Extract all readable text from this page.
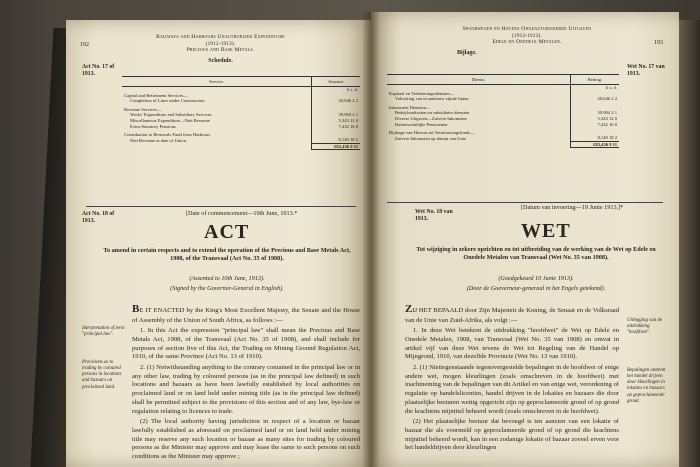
192
Railways and Harbours Unauthorized Expenditure
(1912-1913).
Precious and Base Metals.
Schedule.
Act No. 17 of 1913.
Service.	Amount.
	£ s. d.
Capital and Betterment Services—	
Completion of Lines under Construction	20,646 2 2
Revenue Services—	
Works' Expenditure and Subsidiary Services	39,904 2 1
Miscellaneous Expenditure—Nett Revenue	5,343 12 0
Extra-Statutory Pensions	7,432 16 0
Contribution to Renewals Fund from Harbours	
Nett Revenue at date of Union	8,140 18 2
	£82,436 9 11
Act No. 18 of 1913.
[Date of commencement—19th June, 1913.*
ACT
To amend in certain respects and to extend the operation of the Precious and Base Metals Act, 1908, of the Transvaal (Act No. 35 of 1908).
(Assented to 10th June, 1913).
(Signed by the Governor-General in English).
Interpretation of term "principal law".
Provisions as to trading by coloured persons in locations and bazaars on proclaimed land.

BE IT ENACTED by the King's Most Excellent Majesty, the Senate and the House of Assembly of the Union of South Africa, as follows :—

1. In this Act the expression "principal law" shall mean the Precious and Base Metals Act, 1908, of the Transvaal (Act No. 35 of 1908), and shall include for purposes of section five of this Act, the Trading on Mining Ground Regulation Act, 1910, of the same Province (Act No. 13 of 1910).

2. (1) Notwithstanding anything to the contrary contained in the principal law or in any other law, trading by coloured persons (as in the principal law defined) in such locations and bazaars as have been lawfully established by local authorities on proclaimed land or on land held under mining title (as in the principal law defined) shall be permitted subject to the provisions of this section and of any law, bye-law or regulation relating to licences to trade.

(2) The local authority having jurisdiction in respect of a location or bazaar lawfully established as aforesaid on proclaimed land or on land held under mining title may reserve any such location or bazaar as many sites for trading by coloured persons as the Minister may approve and may lease the same to such persons on such conditions as the Minister may approve ;

193
Spoorwegen en Havens Ongeautoriseerde Uitgaven
(1912-1913).
Edele en Onedele Metalen.
Bijlage.
Wet No. 17 van 1913.
Dienst.	Bedrag.
	£ s. d.
Kapitaal en Verbeteringsdiensten—	
Voltooiing van in aanbouw zijnde lijnen	20,646 2 2
Inkomsten Diensten—	
Bedrijfsonkosten en subsidiaire diensten	39,904 2 1
Diverse Uitgaven—Zuivere Inkomsten	5,343 12 0
Buitenwettelijke Pensioenen	7,432 16 0
Bijdrage van Havens tot Vernieuwingsfonds—	
Zuivere Inkomsten op datum van Unie	8,140 18 2
	£82,436 9 11
Wet No. 18 van 1913.
[Datum van invoering—19 Junie 1913.]*
WET
Tot wijziging in zekere opzichten en tot uitbreiding van de werking van de Wet op Edele en Onedele Metalen van Transvaal (Wet No. 35 van 1908).
(Goedgekeurd 10 Junie 1913).
(Door de Goeverneur-generaal in het Engels getekend).
Uitlegging van de uitdrukking "hoofdwet".
Bepalingen omtrent het handel drijven door kleurlingen in lokaties en bazaars op geproclameerde grond.

ZIJ HET BEPAALD door Zijn Majesteit de Koning, de Senaat en de Volksraad van de Unie van Zuid-Afrika, als volgt :—

1. In deze Wet betekent de uitdrukking "hoofdwet" de Wet op Edele en Onedele Metalen, 1908, van Transvaal (Wet No. 35 van 1908) en omvat in artikel vijf van deze Wet tevens de Wet tot Regeling van de Handel op Mijngrond, 1910, van dezelfde Provincie (Wet No. 13 van 1910).

2. (1) Niettegenstaande tegenovergestelde bepalingen in de hoofdwet of enige andere wet, mogen kleurlingen (zoals omschreven in de hoofdwet) met inachtneming van de bepalingen van dit Artikel en van enige wet, verordening of regulatie op handelslicenties, handel drijven in de lokaties en bazaars die door plaatselijke besturen wettig opgericht zijn op geproclameerde grond of op grond die krachtens mijntitel beheerd wordt (zoals omschreven in de hoofdwet).

(2) Het plaatselijke bestuur dat bevoegd is ten aanzien van een lokatie of bazaar die als voormeld op geproclameerde grond of op grond die krachtens mijntitel beheerd wordt, kan in een zodanige lokatie of bazaar zoveel erven voor het handeldrijven door kleurlingen
